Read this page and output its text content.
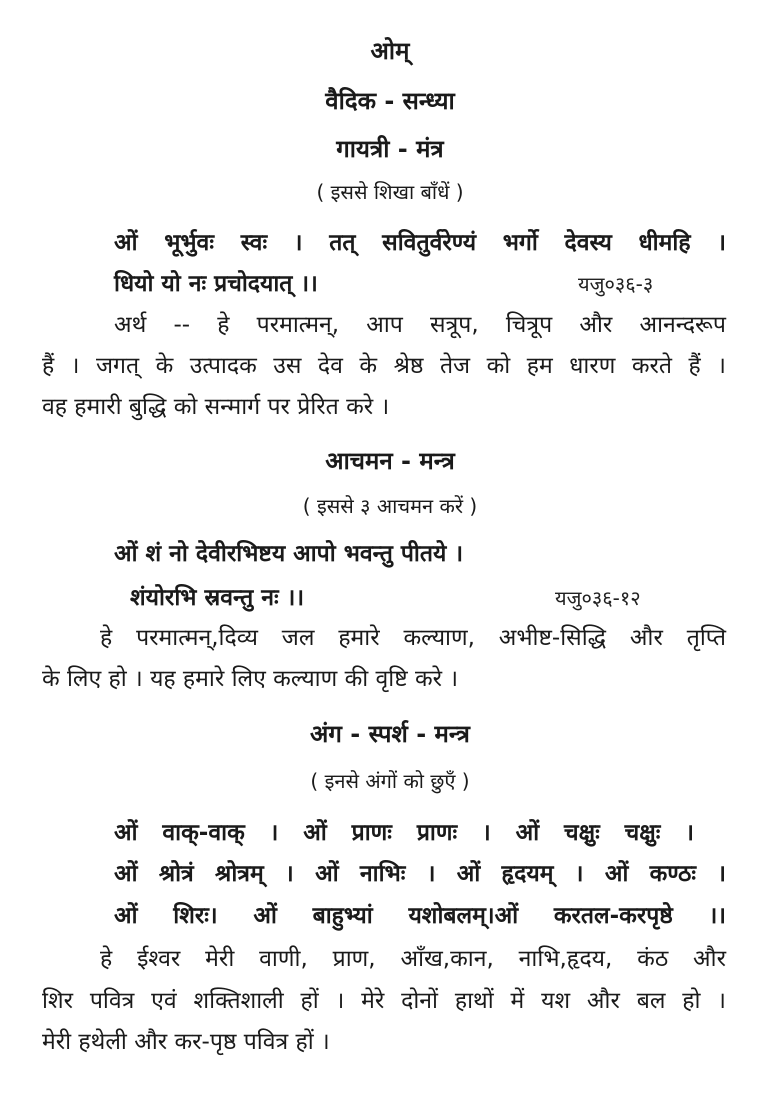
ओम्
वैदिक - सन्ध्या
गायत्री - मंत्र
( इससे शिखा बाँधें )
ओं भूर्भुवः स्वः । तत् सवितुर्वरेण्यं भर्गो देवस्य धीमहि ।
धियो यो नः प्रचोदयात् ।।	यजु०३६-३
अर्थ -- हे परमात्मन्, आप सत्रूप, चित्रूप और आनन्दरूप
हैं । जगत् के उत्पादक उस देव के श्रेष्ठ तेज को हम धारण करते हैं ।
वह हमारी बुद्धि को सन्मार्ग पर प्रेरित करे ।
आचमन - मन्त्र
( इससे ३ आचमन करें )
ओं शं नो देवीरभिष्टय आपो भवन्तु पीतये ।
शंयोरभि स्रवन्तु नः ।।	यजु०३६-१२
हे परमात्मन्,दिव्य जल हमारे कल्याण, अभीष्ट-सिद्धि और तृप्ति
के लिए हो । यह हमारे लिए कल्याण की वृष्टि करे ।
अंग - स्पर्श - मन्त्र
( इनसे अंगों को छुएँ )
ओं वाक्-वाक् । ओं प्राणः प्राणः । ओं चक्षुः चक्षुः ।
ओं श्रोत्रं श्रोत्रम् । ओं नाभिः । ओं हृदयम् । ओं कण्ठः ।
ओं शिरः। ओं बाहुभ्यां यशोबलम्।ओं करतल-करपृष्ठे ।।
हे ईश्वर मेरी वाणी, प्राण, आँख,कान, नाभि,हृदय, कंठ और
शिर पवित्र एवं शक्तिशाली हों । मेरे दोनों हाथों में यश और बल हो ।
मेरी हथेली और कर-पृष्ठ पवित्र हों ।
